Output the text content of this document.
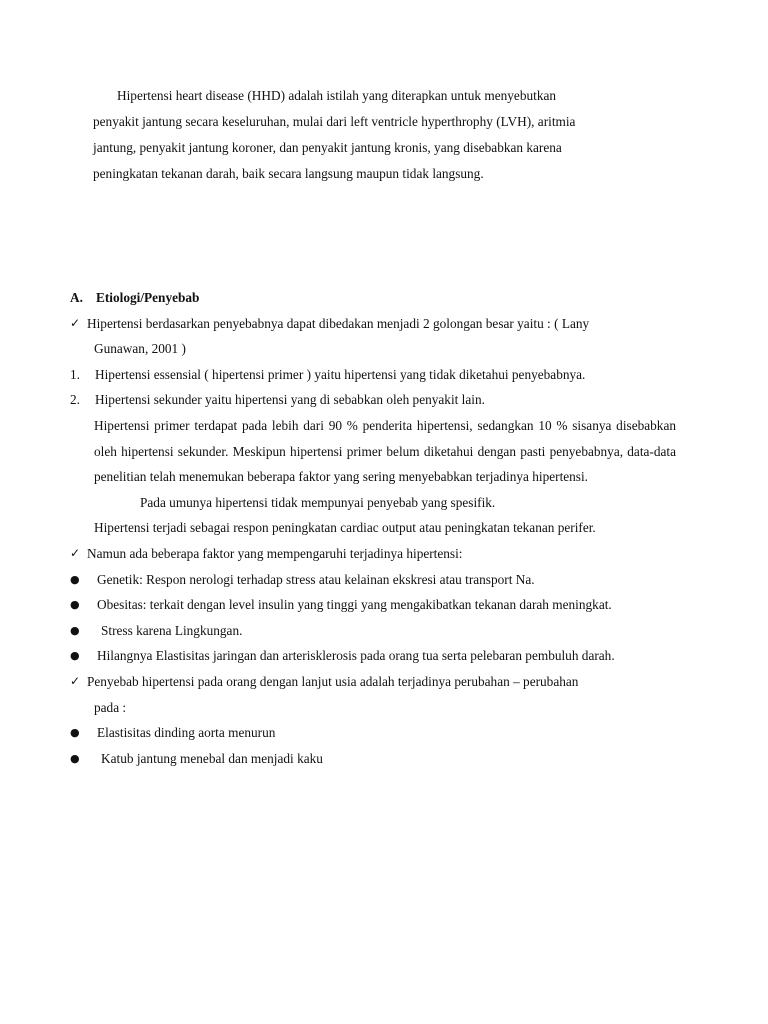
Hipertensi heart disease (HHD) adalah istilah yang diterapkan untuk menyebutkan
penyakit jantung secara keseluruhan, mulai dari left ventricle hyperthrophy (LVH), aritmia
jantung, penyakit jantung koroner, dan penyakit jantung kronis, yang disebabkan karena
peningkatan tekanan darah, baik secara langsung maupun tidak langsung.
A. Etiologi/Penyebab
✓ Hipertensi berdasarkan penyebabnya dapat dibedakan menjadi 2 golongan besar yaitu : ( Lany
Gunawan, 2001 )
1.	Hipertensi essensial ( hipertensi primer ) yaitu hipertensi yang tidak diketahui penyebabnya.
2.	Hipertensi sekunder yaitu hipertensi yang di sebabkan oleh penyakit lain.
Hipertensi primer terdapat pada lebih dari 90 % penderita hipertensi, sedangkan 10 % sisanya disebabkan oleh hipertensi sekunder. Meskipun hipertensi primer belum diketahui dengan pasti penyebabnya, data-data penelitian telah menemukan beberapa faktor yang sering menyebabkan terjadinya hipertensi.
Pada umunya hipertensi tidak mempunyai penyebab yang spesifik.
Hipertensi terjadi sebagai respon peningkatan cardiac output atau peningkatan tekanan perifer.
✓ Namun ada beberapa faktor yang mempengaruhi terjadinya hipertensi:
●	Genetik: Respon nerologi terhadap stress atau kelainan ekskresi atau transport Na.
●	Obesitas: terkait dengan level insulin yang tinggi yang mengakibatkan tekanan darah meningkat.
●	Stress karena Lingkungan.
●	Hilangnya Elastisitas jaringan dan arterisklerosis pada orang tua serta pelebaran pembuluh darah.
✓ Penyebab hipertensi pada orang dengan lanjut usia adalah terjadinya perubahan – perubahan
pada :
●	Elastisitas dinding aorta menurun
●	Katub jantung menebal dan menjadi kaku
